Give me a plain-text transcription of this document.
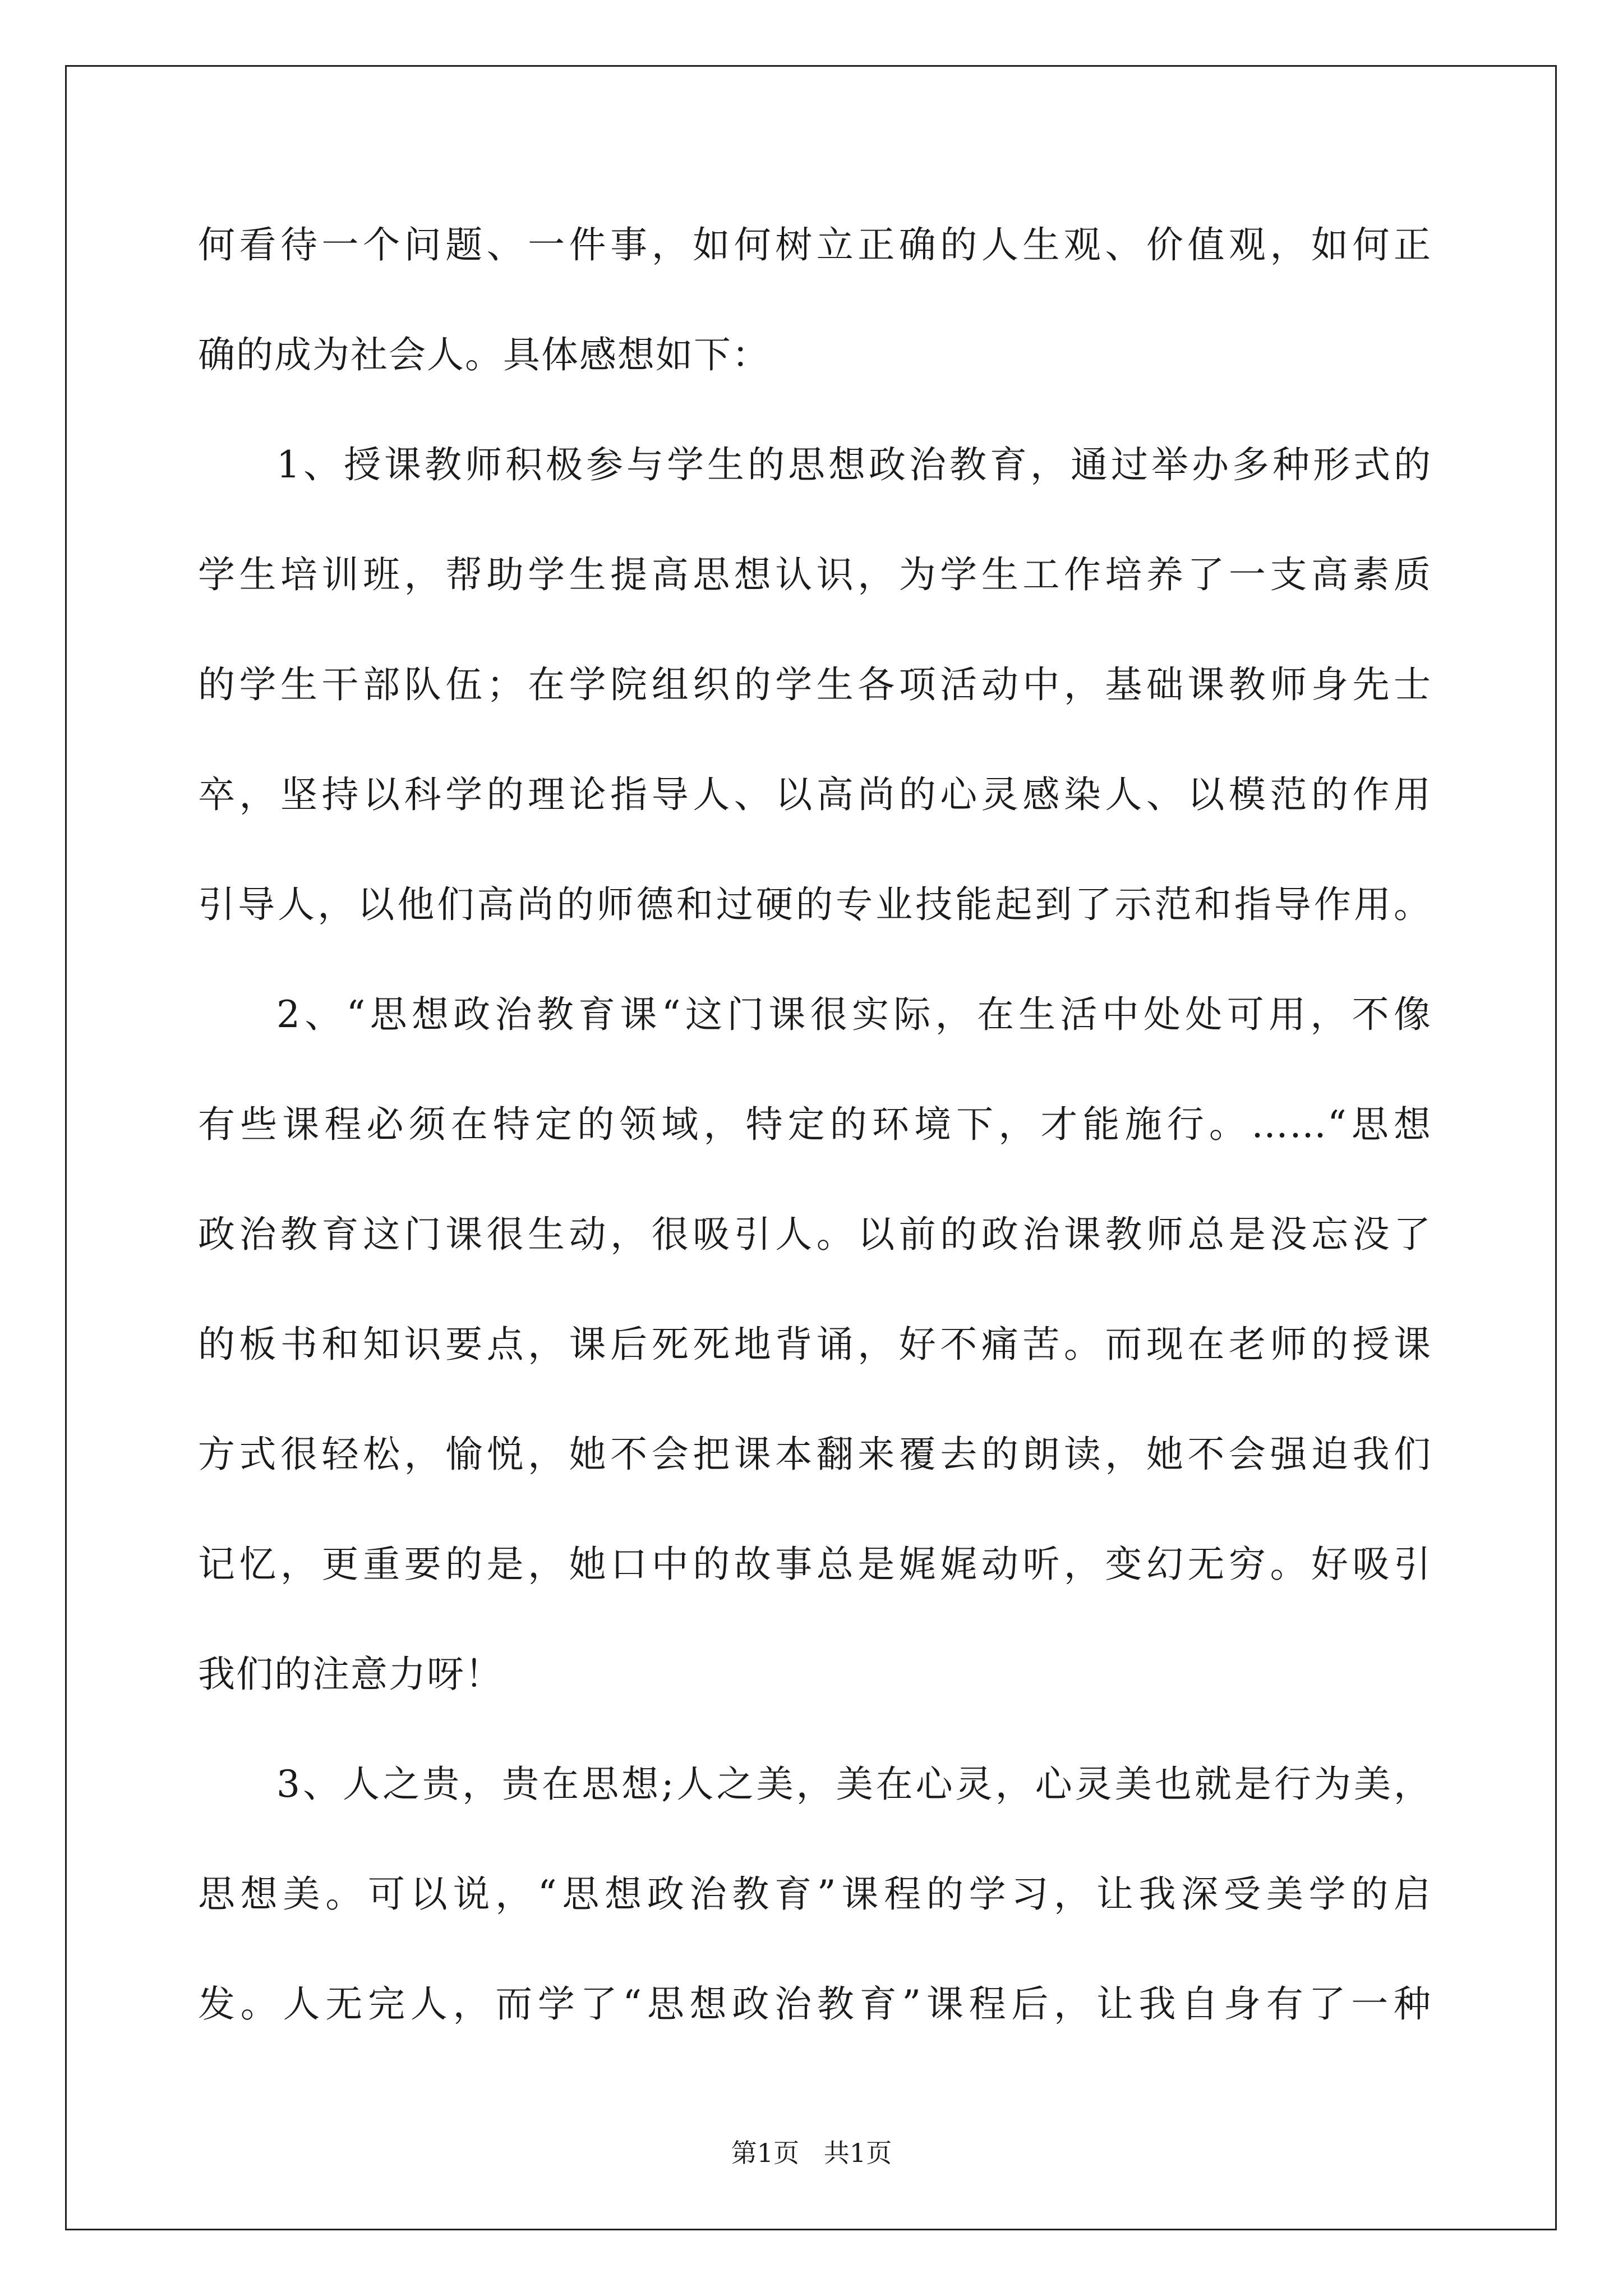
何看待一个问题、一件事，如何树立正确的人生观、价值观，如何正
确的成为社会人。具体感想如下：
1、授课教师积极参与学生的思想政治教育，通过举办多种形式的
学生培训班，帮助学生提高思想认识，为学生工作培养了一支高素质
的学生干部队伍；在学院组织的学生各项活动中，基础课教师身先士
卒，坚持以科学的理论指导人、以高尚的心灵感染人、以模范的作用
引导人，以他们高尚的师德和过硬的专业技能起到了示范和指导作用。
2、“思想政治教育课“这门课很实际，在生活中处处可用，不像
有些课程必须在特定的领域，特定的环境下，才能施行。……“思想
政治教育这门课很生动，很吸引人。以前的政治课教师总是没忘没了
的板书和知识要点，课后死死地背诵，好不痛苦。而现在老师的授课
方式很轻松，愉悦，她不会把课本翻来覆去的朗读，她不会强迫我们
记忆，更重要的是，她口中的故事总是娓娓动听，变幻无穷。好吸引
我们的注意力呀！
3、人之贵，贵在思想;人之美，美在心灵，心灵美也就是行为美，
思想美。可以说，“思想政治教育”课程的学习，让我深受美学的启
发。人无完人，而学了“思想政治教育”课程后，让我自身有了一种
第1页   共1页
